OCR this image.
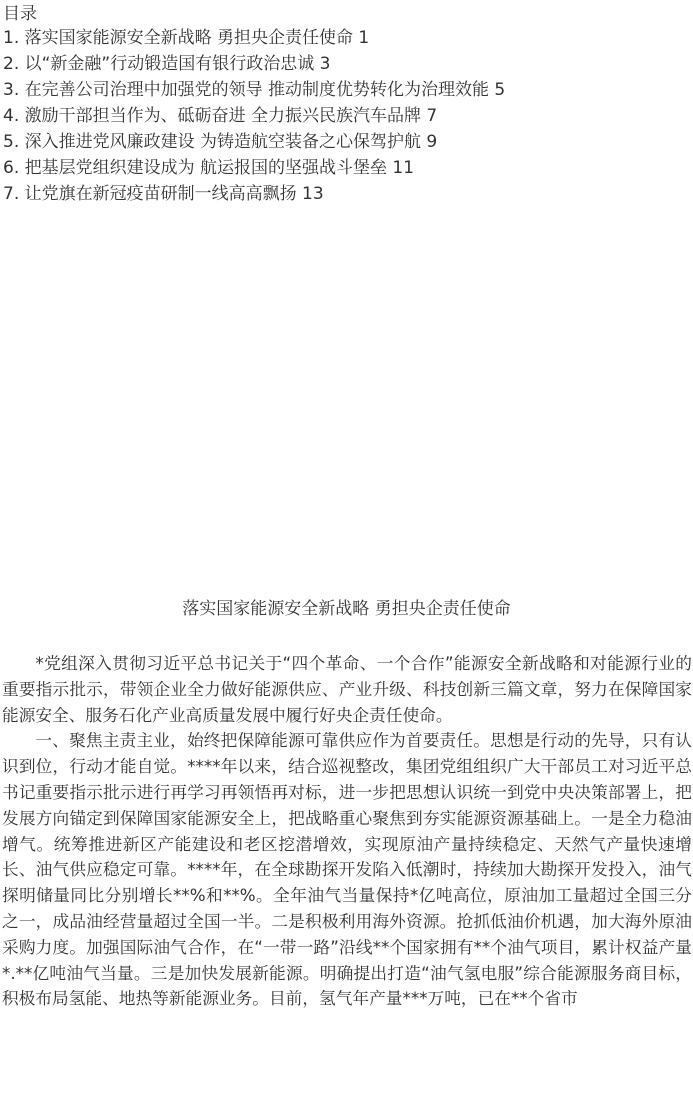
目录
1. 落实国家能源安全新战略 勇担央企责任使命 1
2. 以“新金融”行动锻造国有银行政治忠诚 3
3. 在完善公司治理中加强党的领导 推动制度优势转化为治理效能 5
4. 激励干部担当作为、砥砺奋进 全力振兴民族汽车品牌 7
5. 深入推进党风廉政建设 为铸造航空装备之心保驾护航 9
6. 把基层党组织建设成为 航运报国的坚强战斗堡垒 11
7. 让党旗在新冠疫苗研制一线高高飘扬 13
落实国家能源安全新战略 勇担央企责任使命

*党组深入贯彻习近平总书记关于“四个革命、一个合作”能源安全新战略和对能源行业的重要指示批示，带领企业全力做好能源供应、产业升级、科技创新三篇文章，努力在保障国家能源安全、服务石化产业高质量发展中履行好央企责任使命。

一、聚焦主责主业，始终把保障能源可靠供应作为首要责任。思想是行动的先导，只有认识到位，行动才能自觉。****年以来，结合巡视整改，集团党组组织广大干部员工对习近平总书记重要指示批示进行再学习再领悟再对标，进一步把思想认识统一到党中央决策部署上，把发展方向锚定到保障国家能源安全上，把战略重心聚焦到夯实能源资源基础上。一是全力稳油增气。统筹推进新区产能建设和老区挖潜增效，实现原油产量持续稳定、天然气产量快速增长、油气供应稳定可靠。****年，在全球勘探开发陷入低潮时，持续加大勘探开发投入，油气探明储量同比分别增长**%和**%。全年油气当量保持*亿吨高位，原油加工量超过全国三分之一，成品油经营量超过全国一半。二是积极利用海外资源。抢抓低油价机遇，加大海外原油采购力度。加强国际油气合作，在“一带一路”沿线**个国家拥有**个油气项目，累计权益产量*.**亿吨油气当量。三是加快发展新能源。明确提出打造“油气氢电服”综合能源服务商目标，积极布局氢能、地热等新能源业务。目前，氢气年产量***万吨，已在**个省市
